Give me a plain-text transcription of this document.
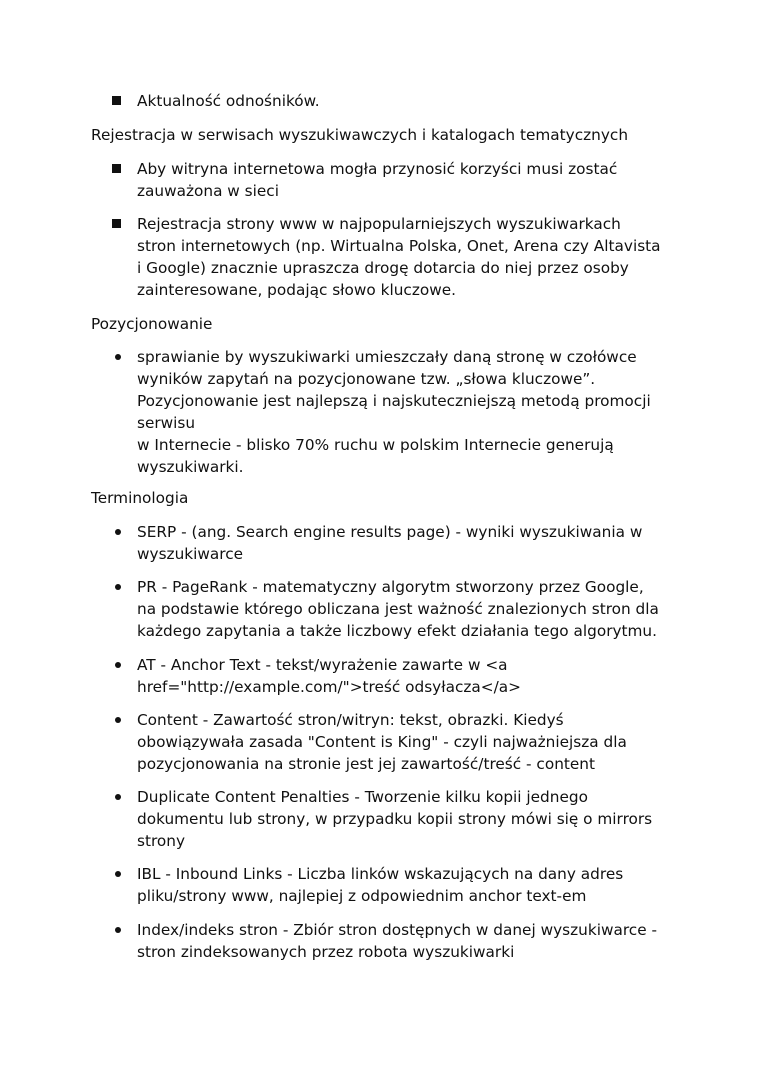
Aktualność odnośników.
Rejestracja w serwisach wyszukiwawczych i katalogach tematycznych
Aby witryna internetowa mogła przynosić korzyści musi zostać
zauważona w sieci
Rejestracja strony www w najpopularniejszych wyszukiwarkach
stron internetowych (np. Wirtualna Polska, Onet, Arena czy Altavista
i Google) znacznie upraszcza drogę dotarcia do niej przez osoby
zainteresowane, podając słowo kluczowe.
Pozycjonowanie
sprawianie by wyszukiwarki umieszczały daną stronę w czołówce
wyników zapytań na pozycjonowane tzw. „słowa kluczowe”.
Pozycjonowanie jest najlepszą i najskuteczniejszą metodą promocji
serwisu
w Internecie - blisko 70% ruchu w polskim Internecie generują
wyszukiwarki.
Terminologia
SERP - (ang. Search engine results page) - wyniki wyszukiwania w
wyszukiwarce
PR - PageRank - matematyczny algorytm stworzony przez Google,
na podstawie którego obliczana jest ważność znalezionych stron dla
każdego zapytania a także liczbowy efekt działania tego algorytmu.
AT - Anchor Text - tekst/wyrażenie zawarte w <a
href="http://example.com/">treść odsyłacza</a>
Content - Zawartość stron/witryn: tekst, obrazki. Kiedyś
obowiązywała zasada "Content is King" - czyli najważniejsza dla
pozycjonowania na stronie jest jej zawartość/treść - content
Duplicate Content Penalties - Tworzenie kilku kopii jednego
dokumentu lub strony, w przypadku kopii strony mówi się o mirrors
strony
IBL - Inbound Links - Liczba linków wskazujących na dany adres
pliku/strony www, najlepiej z odpowiednim anchor text-em
Index/indeks stron - Zbiór stron dostępnych w danej wyszukiwarce -
stron zindeksowanych przez robota wyszukiwarki
